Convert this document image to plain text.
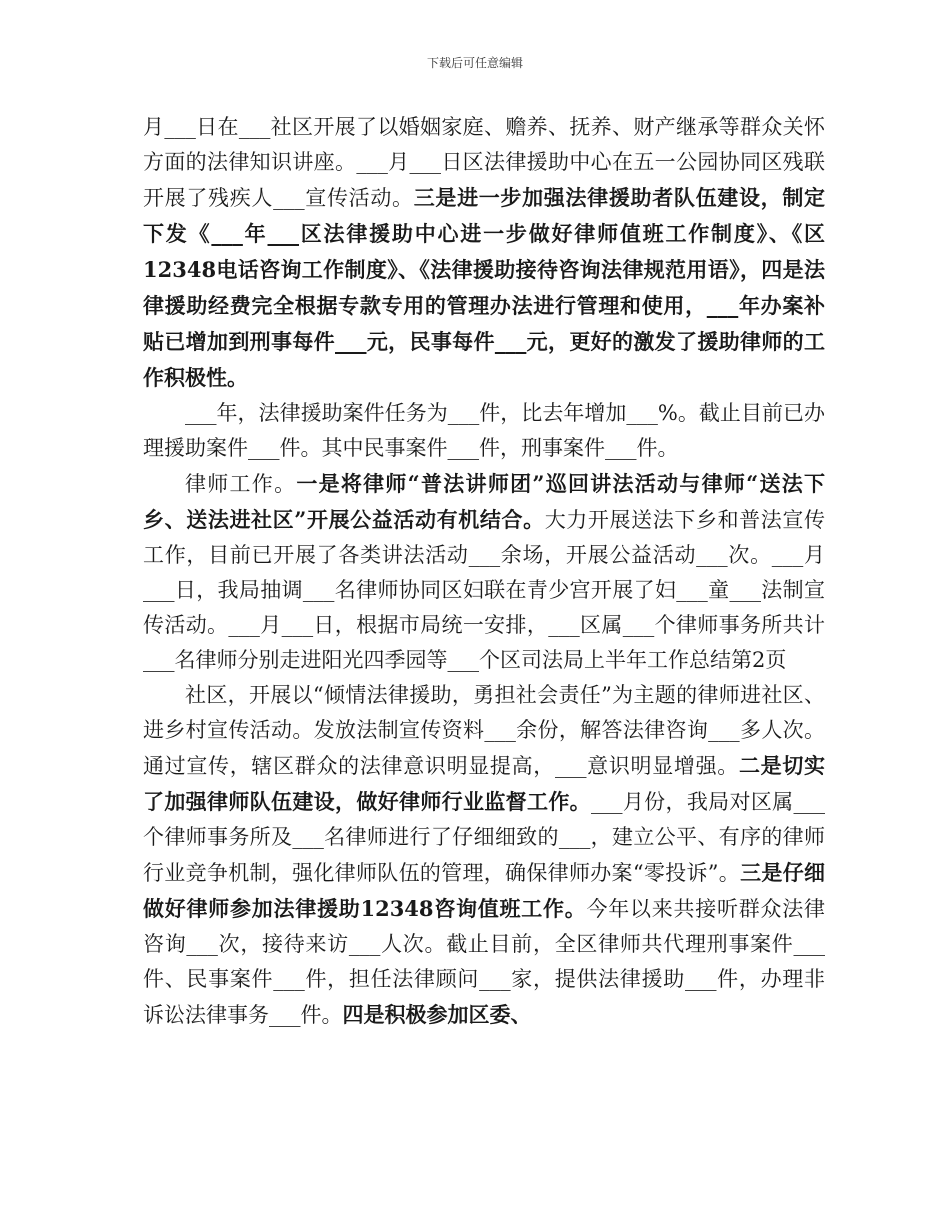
下载后可任意编辑

月___日在___社区开展了以婚姻家庭、赡养、抚养、财产继承等群众关怀方面的法律知识讲座。___月___日区法律援助中心在五一公园协同区残联开展了残疾人___宣传活动。三是进一步加强法律援助者队伍建设，制定下发《___年___区法律援助中心进一步做好律师值班工作制度》、《区12348电话咨询工作制度》、《法律援助接待咨询法律规范用语》，四是法律援助经费完全根据专款专用的管理办法进行管理和使用，___年办案补贴已增加到刑事每件___元，民事每件___元，更好的激发了援助律师的工作积极性。

___年，法律援助案件任务为___件，比去年增加___%。截止目前已办理援助案件___件。其中民事案件___件，刑事案件___件。

律师工作。一是将律师“普法讲师团”巡回讲法活动与律师“送法下乡、送法进社区”开展公益活动有机结合。大力开展送法下乡和普法宣传工作，目前已开展了各类讲法活动___余场，开展公益活动___次。___月___日，我局抽调___名律师协同区妇联在青少宫开展了妇___童___法制宣传活动。___月___日，根据市局统一安排，___区属___个律师事务所共计___名律师分别走进阳光四季园等___个区司法局上半年工作总结第2页

社区，开展以“倾情法律援助，勇担社会责任”为主题的律师进社区、进乡村宣传活动。发放法制宣传资料___余份，解答法律咨询___多人次。通过宣传，辖区群众的法律意识明显提高，___意识明显增强。二是切实了加强律师队伍建设，做好律师行业监督工作。___月份，我局对区属___个律师事务所及___名律师进行了仔细细致的___，建立公平、有序的律师行业竞争机制，强化律师队伍的管理，确保律师办案“零投诉”。三是仔细做好律师参加法律援助12348咨询值班工作。今年以来共接听群众法律咨询___次，接待来访___人次。截止目前，全区律师共代理刑事案件___件、民事案件___件，担任法律顾问___家，提供法律援助___件，办理非诉讼法律事务___件。四是积极参加区委、
